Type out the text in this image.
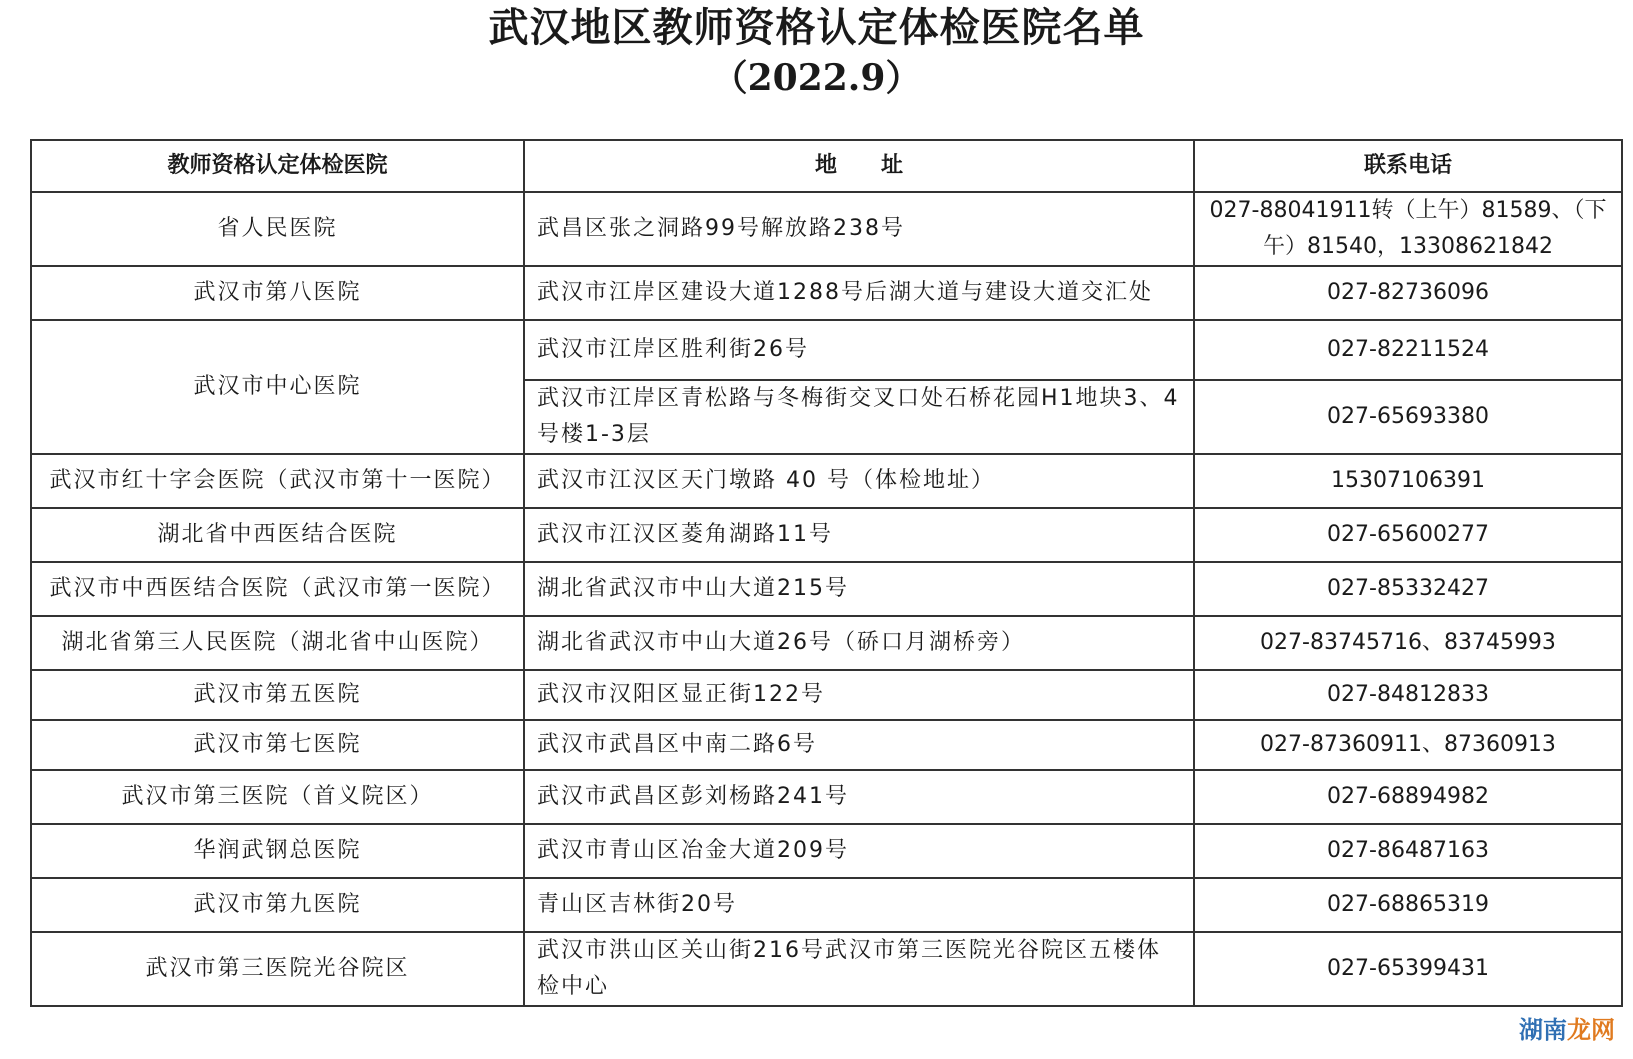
武汉地区教师资格认定体检医院名单
（2022.9）
教师资格认定体检医院	地　　址	联系电话
省人民医院	武昌区张之洞路99号解放路238号	027-88041911转（上午）81589、（下午）81540，13308621842
武汉市第八医院	武汉市江岸区建设大道1288号后湖大道与建设大道交汇处	027-82736096
武汉市中心医院	武汉市江岸区胜利街26号	027-82211524
	武汉市江岸区青松路与冬梅街交叉口处石桥花园H1地块3、4号楼1-3层	027-65693380
武汉市红十字会医院（武汉市第十一医院）	武汉市江汉区天门墩路 40 号（体检地址）	15307106391
湖北省中西医结合医院	武汉市江汉区菱角湖路11号	027-65600277
武汉市中西医结合医院（武汉市第一医院）	湖北省武汉市中山大道215号	027-85332427
湖北省第三人民医院（湖北省中山医院）	湖北省武汉市中山大道26号（硚口月湖桥旁）	027-83745716、83745993
武汉市第五医院	武汉市汉阳区显正街122号	027-84812833
武汉市第七医院	武汉市武昌区中南二路6号	027-87360911、87360913
武汉市第三医院（首义院区）	武汉市武昌区彭刘杨路241号	027-68894982
华润武钢总医院	武汉市青山区冶金大道209号	027-86487163
武汉市第九医院	青山区吉林街20号	027-68865319
武汉市第三医院光谷院区	武汉市洪山区关山街216号武汉市第三医院光谷院区五楼体检中心	027-65399431
湖南龙网
